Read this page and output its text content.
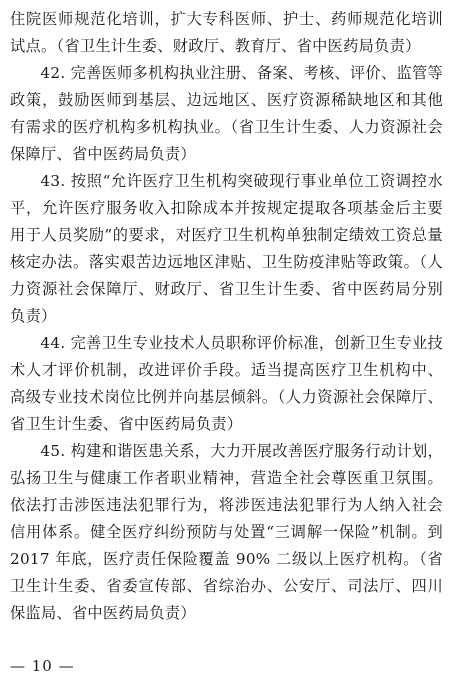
住院医师规范化培训，扩大专科医师、护士、药师规范化培训试点。（省卫生计生委、财政厅、教育厅、省中医药局负责）

42. 完善医师多机构执业注册、备案、考核、评价、监管等政策，鼓励医师到基层、边远地区、医疗资源稀缺地区和其他有需求的医疗机构多机构执业。（省卫生计生委、人力资源社会保障厅、省中医药局负责）

43. 按照“允许医疗卫生机构突破现行事业单位工资调控水平，允许医疗服务收入扣除成本并按规定提取各项基金后主要用于人员奖励”的要求，对医疗卫生机构单独制定绩效工资总量核定办法。落实艰苦边远地区津贴、卫生防疫津贴等政策。（人力资源社会保障厅、财政厅、省卫生计生委、省中医药局分别负责）

44. 完善卫生专业技术人员职称评价标准，创新卫生专业技术人才评价机制，改进评价手段。适当提高医疗卫生机构中、高级专业技术岗位比例并向基层倾斜。（人力资源社会保障厅、省卫生计生委、省中医药局负责）

45. 构建和谐医患关系，大力开展改善医疗服务行动计划，弘扬卫生与健康工作者职业精神，营造全社会尊医重卫氛围。依法打击涉医违法犯罪行为，将涉医违法犯罪行为人纳入社会信用体系。健全医疗纠纷预防与处置“三调解一保险”机制。到 2017 年底，医疗责任保险覆盖 90% 二级以上医疗机构。（省卫生计生委、省委宣传部、省综治办、公安厅、司法厅、四川保监局、省中医药局负责）

— 10 —
